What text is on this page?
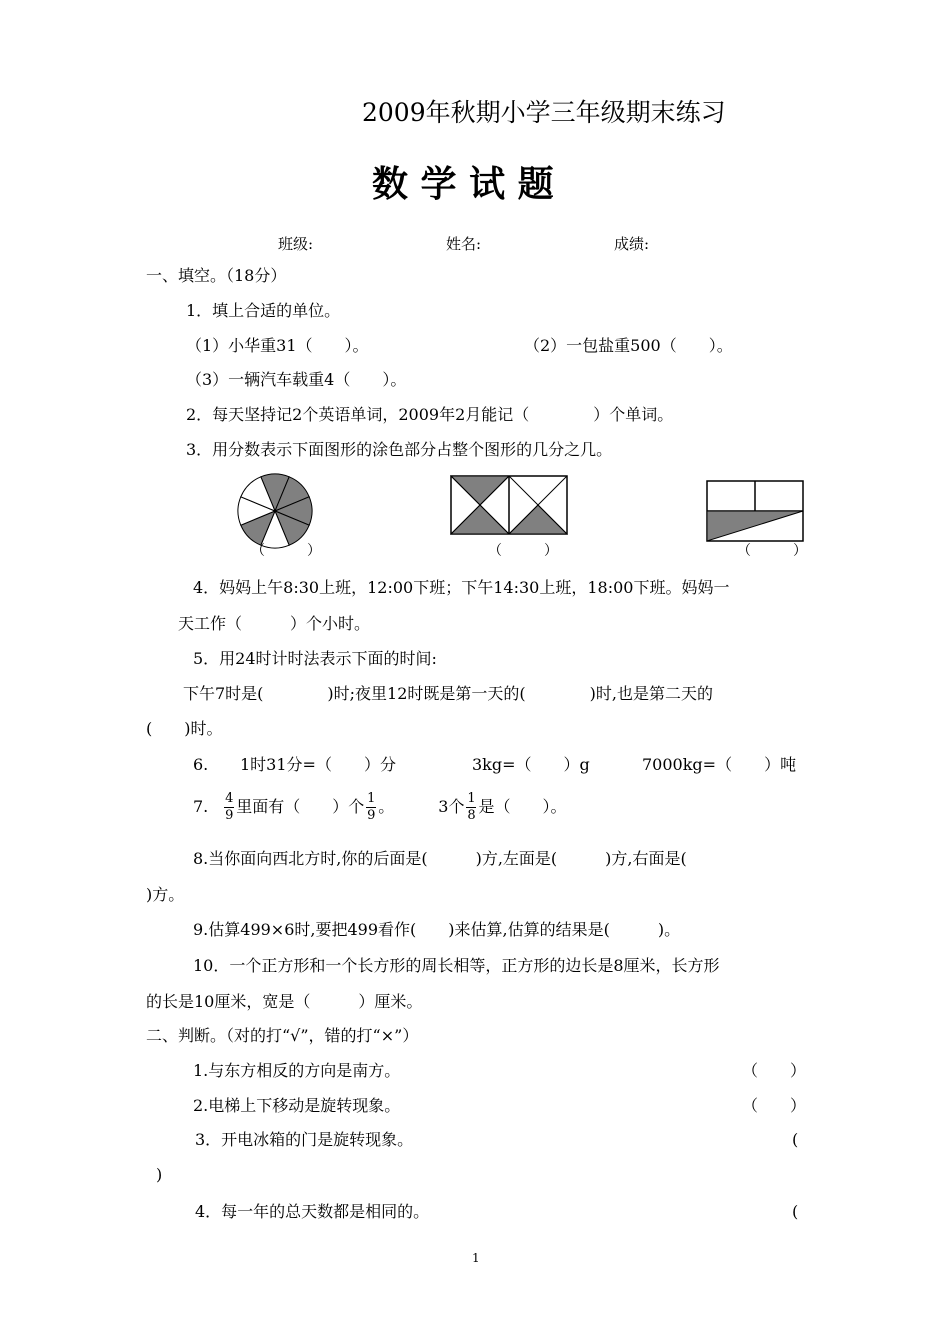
2009年秋期小学三年级期末练习
数 学 试 题
班级:	姓名:	成绩:
一、填空。（18分）
1．填上合适的单位。
（1）小华重31（　　）。	（2）一包盐重500（　　）。
（3）一辆汽车载重4（　　）。
2．每天坚持记2个英语单词，2009年2月能记（　　　　）个单词。
3．用分数表示下面图形的涂色部分占整个图形的几分之几。
（　　　）	（　　　）	（　　　）
4．妈妈上午8:30上班，12:00下班；下午14:30上班，18:00下班。妈妈一
天工作（　　　）个小时。
5．用24时计时法表示下面的时间:
下午7时是(　　　　)时;夜里12时既是第一天的(　　　　)时,也是第二天的
(　　)时。
6. 1时31分=（　　）分	3kg=（　　）g	7000kg=（　　）吨
7. $\frac{4}{9}$ 里面有（　　）个 $\frac{1}{9}$ 。	3个 $\frac{1}{8}$ 是（　　）。
8.当你面向西北方时,你的后面是(　　　)方,左面是(　　　)方,右面是(
)方。
9.估算499×6时,要把499看作(　　)来估算,估算的结果是(　　　)。
10．一个正方形和一个长方形的周长相等，正方形的边长是8厘米，长方形
的长是10厘米，宽是（　　　）厘米。
二、判断。（对的打“√”，错的打“×”）
1.与东方相反的方向是南方。	（　　）
2.电梯上下移动是旋转现象。	（　　）
3．开电冰箱的门是旋转现象。	(
)
4．每一年的总天数都是相同的。	(
1
